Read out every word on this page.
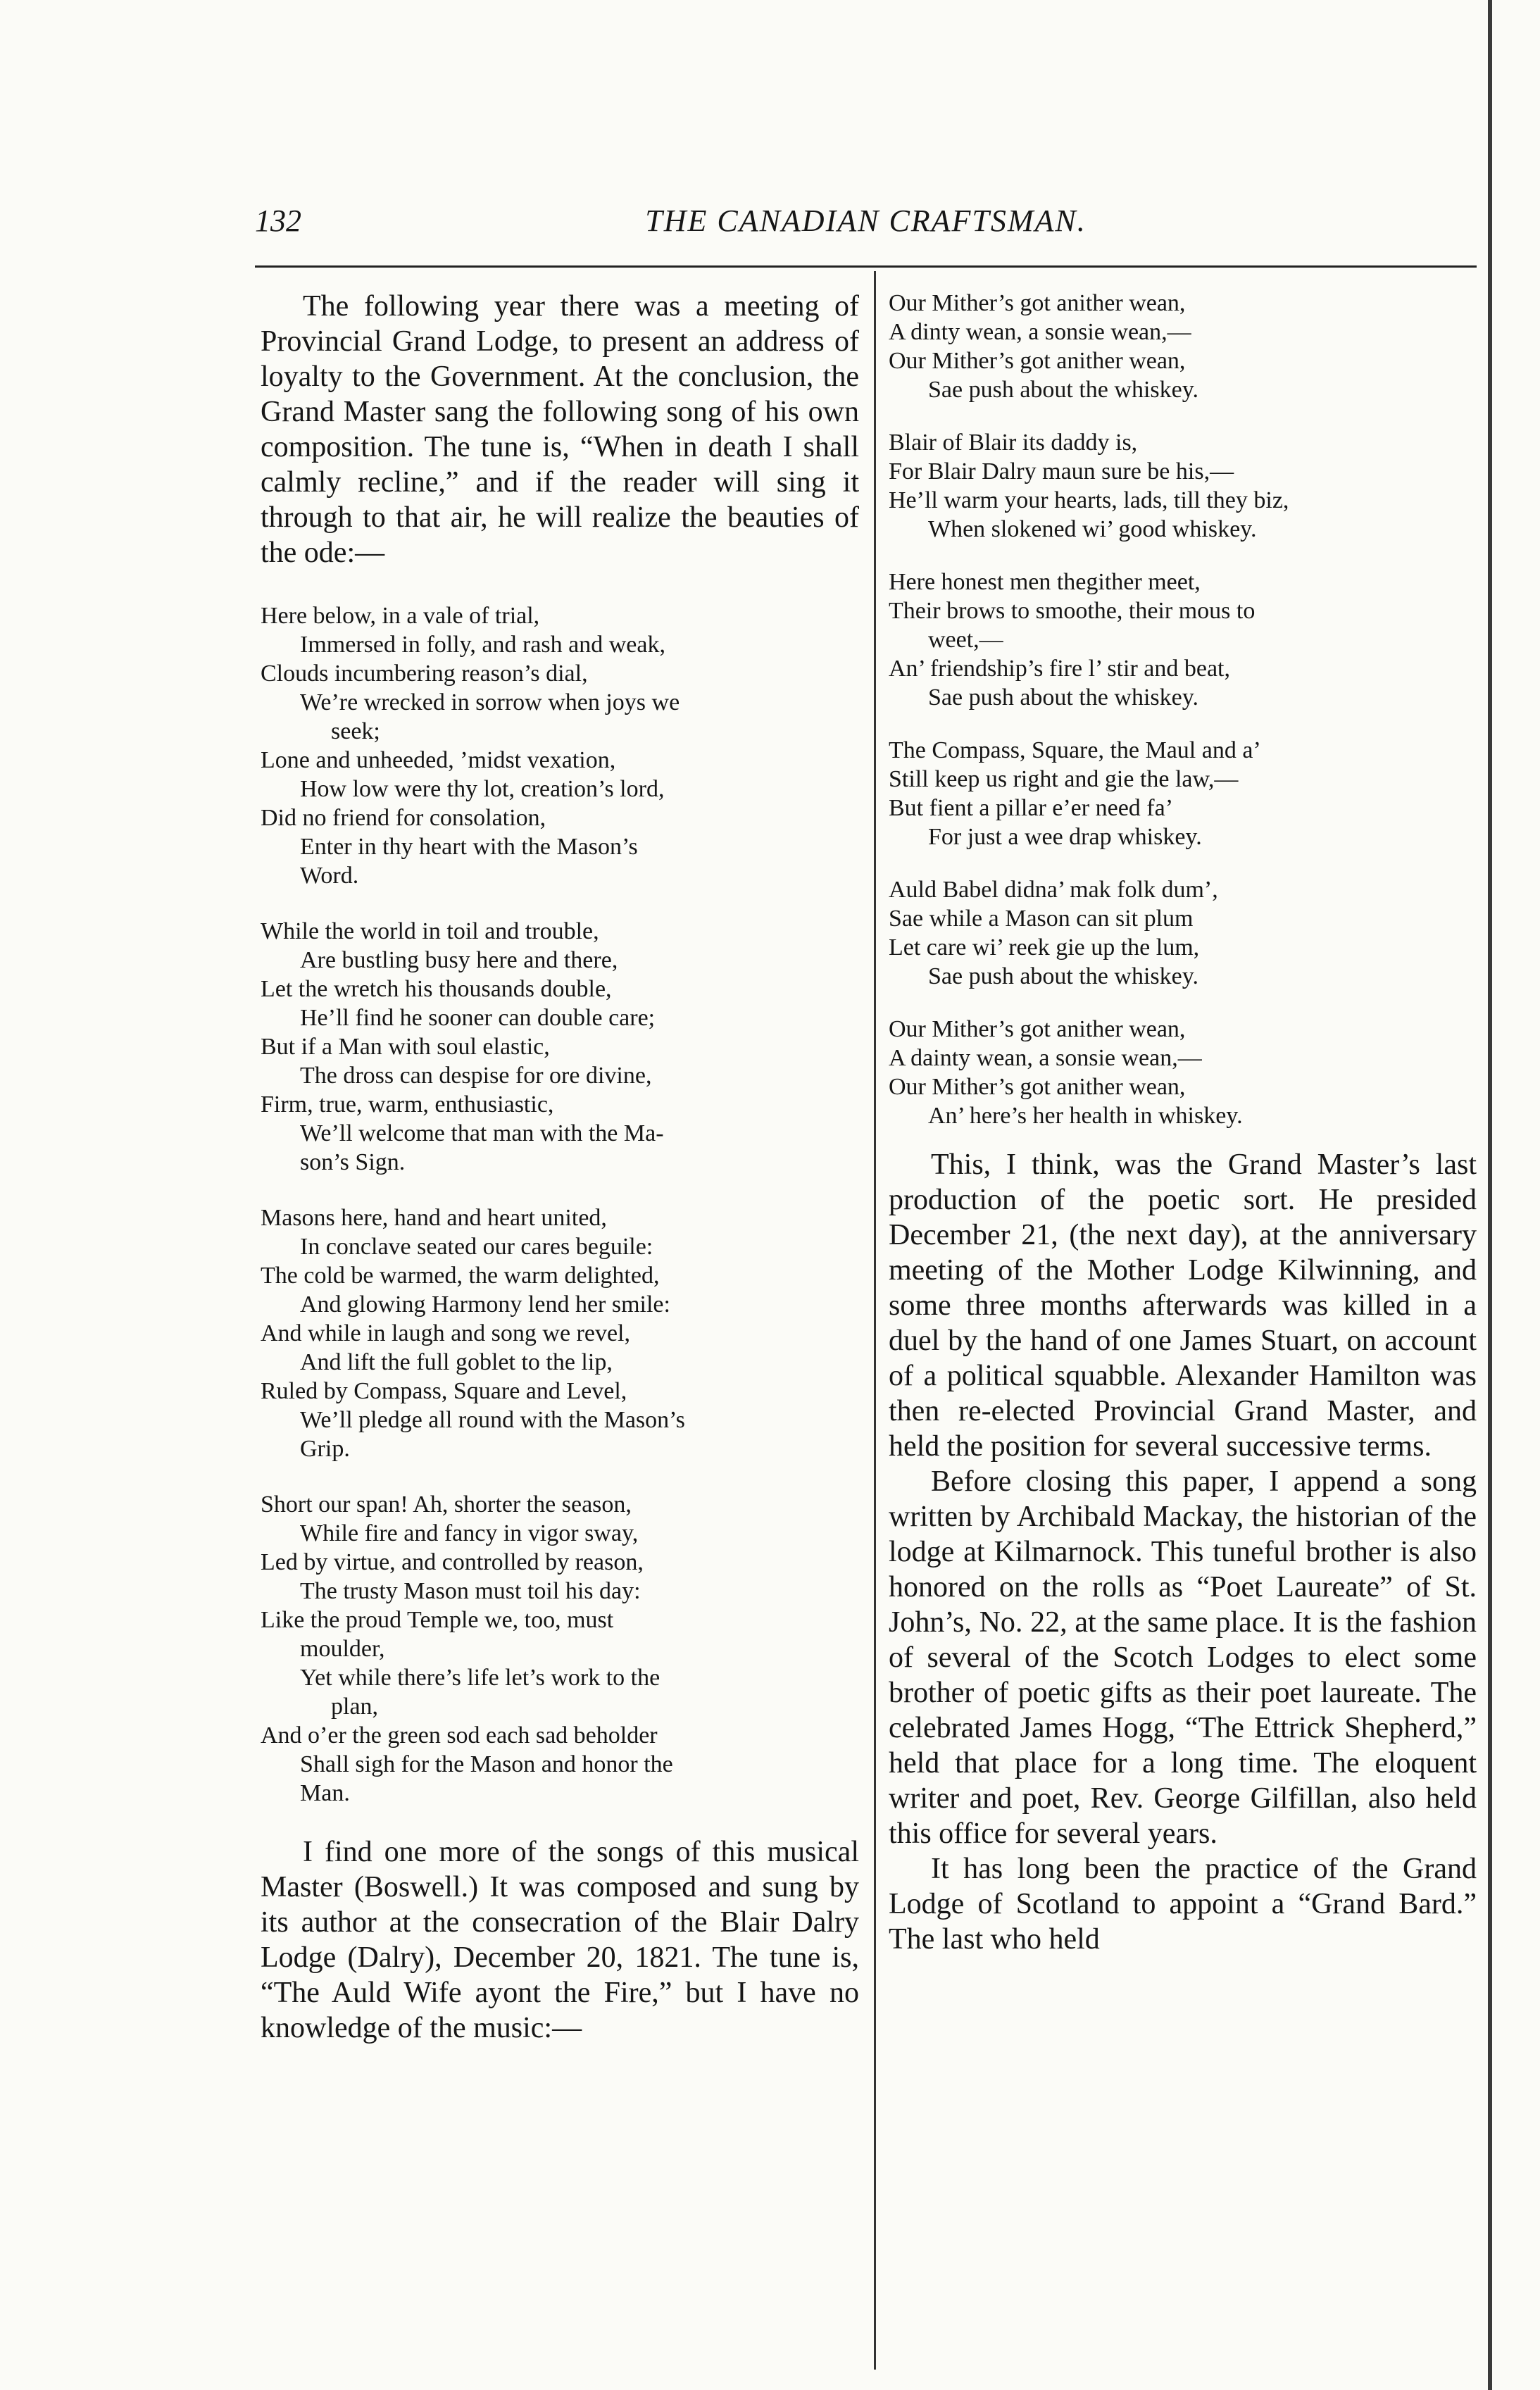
132	THE CANADIAN CRAFTSMAN.

The following year there was a meeting of Provincial Grand Lodge, to present an address of loyalty to the Government. At the conclusion, the Grand Master sang the following song of his own composition. The tune is, “When in death I shall calmly recline,” and if the reader will sing it through to that air, he will realize the beauties of the ode:—

Here below, in a vale of trial,
Immersed in folly, and rash and weak,
Clouds incumbering reason’s dial,
We’re wrecked in sorrow when joys we
seek;
Lone and unheeded, ’midst vexation,
How low were thy lot, creation’s lord,
Did no friend for consolation,
Enter in thy heart with the Mason’s
Word.
While the world in toil and trouble,
Are bustling busy here and there,
Let the wretch his thousands double,
He’ll find he sooner can double care;
But if a Man with soul elastic,
The dross can despise for ore divine,
Firm, true, warm, enthusiastic,
We’ll welcome that man with the Ma-
son’s Sign.
Masons here, hand and heart united,
In conclave seated our cares beguile:
The cold be warmed, the warm delighted,
And glowing Harmony lend her smile:
And while in laugh and song we revel,
And lift the full goblet to the lip,
Ruled by Compass, Square and Level,
We’ll pledge all round with the Mason’s
Grip.
Short our span! Ah, shorter the season,
While fire and fancy in vigor sway,
Led by virtue, and controlled by reason,
The trusty Mason must toil his day:
Like the proud Temple we, too, must
moulder,
Yet while there’s life let’s work to the
plan,
And o’er the green sod each sad beholder
Shall sigh for the Mason and honor the
Man.

I find one more of the songs of this musical Master (Boswell.) It was composed and sung by its author at the consecration of the Blair Dalry Lodge (Dalry), December 20, 1821. The tune is, “The Auld Wife ayont the Fire,” but I have no knowledge of the music:—

Our Mither’s got anither wean,
A dinty wean, a sonsie wean,—
Our Mither’s got anither wean,
Sae push about the whiskey.
Blair of Blair its daddy is,
For Blair Dalry maun sure be his,—
He’ll warm your hearts, lads, till they biz,
When slokened wi’ good whiskey.
Here honest men thegither meet,
Their brows to smoothe, their mous to
weet,—
An’ friendship’s fire l’ stir and beat,
Sae push about the whiskey.
The Compass, Square, the Maul and a’
Still keep us right and gie the law,—
But fient a pillar e’er need fa’
For just a wee drap whiskey.
Auld Babel didna’ mak folk dum’,
Sae while a Mason can sit plum
Let care wi’ reek gie up the lum,
Sae push about the whiskey.
Our Mither’s got anither wean,
A dainty wean, a sonsie wean,—
Our Mither’s got anither wean,
An’ here’s her health in whiskey.

This, I think, was the Grand Master’s last production of the poetic sort. He presided December 21, (the next day), at the anniversary meeting of the Mother Lodge Kilwinning, and some three months afterwards was killed in a duel by the hand of one James Stuart, on account of a political squabble. Alexander Hamilton was then re-elected Provincial Grand Master, and held the position for several successive terms.

Before closing this paper, I append a song written by Archibald Mackay, the historian of the lodge at Kilmarnock. This tuneful brother is also honored on the rolls as “Poet Laureate” of St. John’s, No. 22, at the same place. It is the fashion of several of the Scotch Lodges to elect some brother of poetic gifts as their poet laureate. The celebrated James Hogg, “The Ettrick Shepherd,” held that place for a long time. The eloquent writer and poet, Rev. George Gilfillan, also held this office for several years.

It has long been the practice of the Grand Lodge of Scotland to appoint a “Grand Bard.” The last who held
